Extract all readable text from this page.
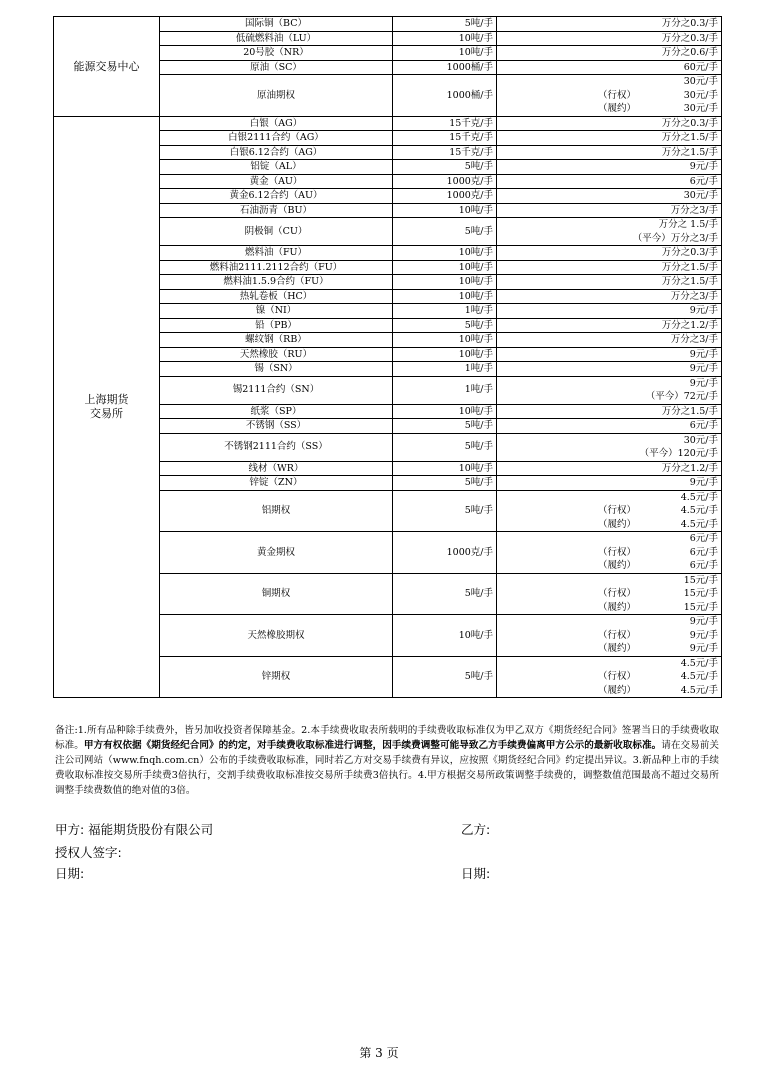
能源交易中心	国际铜（BC）	5吨/手	万分之0.3/手

	低硫燃料油（LU）	10吨/手	万分之0.3/手

	20号胶（NR）	10吨/手	万分之0.6/手

	原油（SC）	1000桶/手	60元/手

	原油期权	1000桶/手	30元/手
（行权） 30元/手
（履约） 30元/手

上海期货
交易所	白银（AG）	15千克/手	万分之0.3/手

	白银2111合约（AG）	15千克/手	万分之1.5/手

	白银6.12合约（AG）	15千克/手	万分之1.5/手

	铝锭（AL）	5吨/手	9元/手

	黄金（AU）	1000克/手	6元/手

	黄金6.12合约（AU）	1000克/手	30元/手

	石油沥青（BU）	10吨/手	万分之3/手

	阴极铜（CU）	5吨/手	万分之 1.5/手
（平今）万分之3/手

	燃料油（FU）	10吨/手	万分之0.3/手

	燃料油2111.2112合约（FU）	10吨/手	万分之1.5/手

	燃料油1.5.9合约（FU）	10吨/手	万分之1.5/手

	热轧卷板（HC）	10吨/手	万分之3/手

	镍（NI）	1吨/手	9元/手

	铅（PB）	5吨/手	万分之1.2/手

	螺纹钢（RB）	10吨/手	万分之3/手

	天然橡胶（RU）	10吨/手	9元/手

	锡（SN）	1吨/手	9元/手

	锡2111合约（SN）	1吨/手	9元/手
（平今）72元/手

	纸浆（SP）	10吨/手	万分之1.5/手

	不锈钢（SS）	5吨/手	6元/手

	不锈钢2111合约（SS）	5吨/手	30元/手
（平今）120元/手

	线材（WR）	10吨/手	万分之1.2/手

	锌锭（ZN）	5吨/手	9元/手

	铝期权	5吨/手	4.5元/手
（行权） 4.5元/手
（履约） 4.5元/手

	黄金期权	1000克/手	6元/手
（行权） 6元/手
（履约） 6元/手

	铜期权	5吨/手	15元/手
（行权） 15元/手
（履约） 15元/手

	天然橡胶期权	10吨/手	9元/手
（行权） 9元/手
（履约） 9元/手

	锌期权	5吨/手	4.5元/手
（行权） 4.5元/手
（履约） 4.5元/手
备注:1.所有品种除手续费外，皆另加收投资者保障基金。2.本手续费收取表所载明的手续费收取标准仅为甲乙双方《期货经纪合同》签署当日的手续费收取标准。甲方有权依据《期货经纪合同》的约定，对手续费收取标准进行调整，因手续费调整可能导致乙方手续费偏离甲方公示的最新收取标准。请在交易前关注公司网站（www.fnqh.com.cn）公布的手续费收取标准，同时若乙方对交易手续费有异议，应按照《期货经纪合同》约定提出异议。3.新品种上市的手续费收取标准按交易所手续费3倍执行，交割手续费收取标准按交易所手续费3倍执行。4.甲方根据交易所政策调整手续费的，调整数值范围最高不超过交易所调整手续费数值的绝对值的3倍。
甲方: 福能期货股份有限公司	乙方:
授权人签字:
日期:	日期:
第 3 页
